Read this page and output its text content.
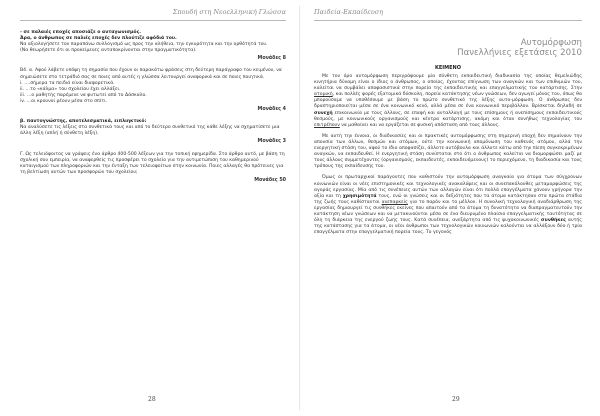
Σπουδή στη Νεοελληνική Γλώσσα

- σε παλαιές εποχές αποσιάζε ο ανταγωνισμός.

Άρα, ο άνθρωπος σε παλιές εποχές δεν πλούτιζε αφόδιά του.

Να αξιολογήσετε τον παραπάνω συλλογισμό ως προς την αλήθεια, την εγκυρότητα και την ορθότητά του.

(Να θεωρήσετε ότι οι προκείμενες ανταποκρίνονται στην πραγματικότητα).

Μονάδες 8

Β4. α. Αφού λάβετε υπόψη τη σημασία που έχουν οι παρακάτω φράσεις στη δεύτερη παράγραφο του κειμένου, να σημειώσετε στο τετράδιό σας σε ποιες από αυτές η γλώσσα λειτουργεί αναφορικά και σε ποιες ποιητικά.

i. ….σήμερα τα πειδιά είναι διαφορετικά.

ii. …το «κάλμα» του σχολείου έχει αλλάξει.

iii. …ο μαθητής παρέμενε να φυτωτεί από το Δάσκαλο.

iv. …οι κρουνοί ρέουν μέσα στο σπίτι.

Μονάδες 4

β. παντογνώστης, αποτελεσματικά, ειπλιηκτικό:

Να αναλύσετε τις λέξεις στα συνθετικά τους και από το δεύτερο συνθετικό της κάθε λέξης να σχηματίσετε μια άλλη λέξη (απλή ή σύνθετη λέξη).

Μονάδες 3

Γ. Ως τελειόφοιτος να γράψεις ένα άρθρο 400-500 λέξεων για την τοπική εφημερίδα. Στο άρθρο αυτό, με βάση τη σχολική σου εμπειρία, να αναφερθείς τις προσφέρει το σχολείο για την αντιμετώπιση του καθημερινού καταιγισμού των πληροφοριών και την ένταξη των τελειοφοίτων στην κοινωνία. Ποιες αλλαγές θα πρότεινες για τη βελτίωση αυτών των προσφορών του σχολείου;

Μονάδες 50
28
Παιδεία-Εκπαίδευση
Αυτομόρφωση
Πανελλήνιες εξετάσεις 2010
ΚΕΙΜΕΝΟ

Με τον όρο αυτομόρφωση περιγράφουμε μία σύνθετη εκπαιδευτική διαδικασία της οποίας θεμελιώδης κινητήρια δύναμη είναι ο ίδιος ο άνθρωπος, ο οποίος, έχοντας επίγνωση των αναγκών και των επιθυμιών του, καλείται να συμβάλει αποφασιστικά στην πορεία της εκπαιδευτικής και επαγγελματικής του κατάρτισης. Στην ατομική, και πολλές φορές εξατομικά δύσκολη, πορεία κατάκτησης νέων γνώσεων, δεν αγωγεί μόνος του, όπως θα μπορούσαμε να υποθέσουμε με βάση το πρώτο συνθετικό της λέξης αυτο-μόρφωση. Ο άνθρωπος δεν δραστηριοποιείται μέσα σε ένα κοινωνικό κενό, αλλά μέσα σε ένα κοινωνικό περιβάλλον. Βρίσκεται δηλαδή σε συνεχή επικοινωνία με τους άλλους, σε επαφή και ανταλλαγή με τους επίσημους ή ανεπίσημους εκπαιδευτικούς θεσμούς, με κοινωνικούς οργανισμούς και κέντρα κατάρτισης, ακόμη και όταν συνήθως τεχνολογίας του επιτρέπουν να μαθαίνει και να εργάζεται σε φυσική απόσταση από τους άλλους.

Με αυτή την έννοια, οι διαδικασίες και οι πρακτικές αυτομόρφωσης στη σημερινή εποχή δεν σημαίνουν την απουσία των άλλων, θεσμών και ατόμων, ούτε την κοινωνική απομόνωση του καθενός ατόμου, αλλά την ενεργητική στάση του, αφού το ίδιο αποφασίζει, άλλοτε αυτόβουλα και άλλοτε κάτω από την πίεση συγκεκριμένων αναγκών, να εκπαιδευθεί. Η ενεργητική στάση συνίσταται στο ότι ο άνθρωπος καλείται να διαμορφώσει μαζί με τους άλλους συμμετέχοντες (οργανισμούς, εκπαιδευτές, εκπαιδευόμενους) το περιεχόμενο, τη διαδικασία και τους τρόπους της εκπαίδευσής του.

Όμως οι πρωταρχικοί παράγοντες που καθιστούν την αυτομόρφωση αναγκαία για άτομα των σύγχρονων κοινωνιών είναι οι νέες επιστημονικές και τεχνολογικές ανακαλύψεις και οι συνεπακόλουθες μεταμορφώσεις της αγοράς εργασίας. Μία από τις συνέπειες αυτών των αλλαγών είναι ότι πολλά επαγγέλματα χάνουν γρήγορα την αξία και τη χρησιμότητά τους, ενώ οι γνώσεις και οι δεξιότητες που τα άτομα κατάκτησαν στα πρώτα στάδια της ζωής τους καθίστανται ανεπαρκείς για το παρόν και το μέλλον. Η συνολική τεχνολογική αναδιάρθρωση της εργασίας δημιουργεί τις συνθήκες εκείνες που απαιτούν από τα άτομα τη δυνατότητα να διαπραγματευτούν την κατάκτηση νέων γνώσεων και να μετακινούνται μέσα σε ένα διευρυμένο πλαίσιο επαγγελματικής ταυτότητας σε όλη τη διάρκεια της ενεργού ζωής τους. Κατά συνέπεια, ανεξάρτητα από τις ψυχοκοινωνικές συνθήκες αυτής της κατάστασης για τα άτομα, οι νέοι άνθρωποι των τεχνολογικών κοινωνιών καλούνται να αλλάξουν δύο ή τρία επαγγέλματα στην επαγγελματική πορεία τους. Το γεγονός

29
